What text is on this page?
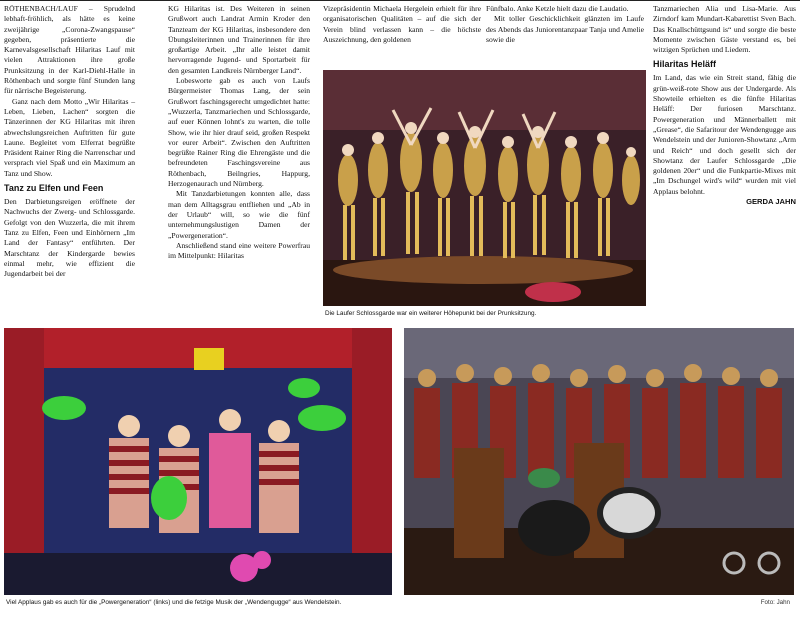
RÖTHENBACH/LAUF – Sprudelnd lebhaft-fröhlich, als hätte es keine zweijährige „Corona-Zwangspause“ gegeben, präsentierte die Karnevalsgesellschaft Hilaritas Lauf mit vielen Attraktionen ihre große Prunksitzung in der Karl-Diehl-Halle in Röthenbach und sorgte fünf Stunden lang für närrische Begeisterung.

Ganz nach dem Motto „Wir Hilaritas – Leben, Lieben, Lachen“ sorgten die Tänzerinnen der KG Hilaritas mit ihren abwechslungsreichen Auftritten für gute Laune. Begleitet vom Elferrat begrüßte Präsident Rainer Ring die Narrenschar und versprach viel Spaß und ein Maximum an Tanz und Show.

Tanz zu Elfen und Feen

Den Darbietungsreigen eröffnete der Nachwuchs der Zwerg- und Schlossgarde. Gefolgt von den Wuzzerla, die mit ihrem Tanz zu Elfen, Feen und Einhörnern „Im Land der Fantasy“ entführten. Der Marschtanz der Kindergarde bewies einmal mehr, wie effizient die Jugendarbeit bei der

KG Hilaritas ist. Des Weiteren in seinen Grußwort auch Landrat Armin Kroder den Tanzteam der KG Hilaritas, insbesondere den Übungsleiterinnen und Trainerinnen für ihre großartige Arbeit. „Ihr alle leistet damit hervorragende Jugend- und Sportarbeit für den gesamten Landkreis Nürnberger Land“.

Lobesworte gab es auch von Laufs Bürgermeister Thomas Lang, der sein Grußwort faschingsgerecht umgedichtet hatte: „Wuzzerla, Tanzmariechen und Schlossgarde, auf euer Können lohnt's zu warten, die tolle Show, wie ihr hier drauf seid, großen Respekt vor eurer Arbeit“. Zwischen den Auftritten begrüßte Rainer Ring die Ehrengäste und die befreundeten Faschingsvereine aus Röthenbach, Beilngries, Happurg, Herzogenaurach und Nürnberg.

Mit Tanzdarbietungen konnten alle, dass man dem Alltagsgrau entfliehen und „Ab in der Urlaub“ will, so wie die fünf unternehmungslustigen Damen der „Powergeneration“.

Anschließend stand eine weitere Powerfrau im Mittelpunkt: Hilaritas

Vizepräsidentin Michaela Hergelein erhielt für ihre organisatorischen Qualitäten – auf die sich der Verein blind verlassen kann – die höchste Auszeichnung, den goldenen

Fünfbalo. Anke Ketzle hielt dazu die Laudatio.

Mit toller Geschicklichkeit glänzten im Laufe des Abends das Juniorentanzpaar Tanja und Amelie sowie die

Tanzmariechen Alia und Lisa-Marie. Aus Zirndorf kam Mundart-Kabarettist Sven Bach. Das Knallschüttgsund is“ und sorgte die beste Momente zwischen Gäste verstand es, bei witzigen Sprüchen und Liedern.

Hilaritas Heläff

Im Land, das wie ein Streit stand, fähig die grün-weiß-rote Show aus der Undergarde. Als Showteile erhielten es die fünfte Hilaritas Heläff: Der furiosen Marschtanz. Powergeneration und Männerballett mit „Grease“, die Safaritour der Wendengugge aus Wendelstein und der Junioren-Showtanz „Arm und Reich“ und doch gesellt sich der Showtanz der Laufer Schlossgarde „Die goldenen 20er“ und die Funkpartie-Mixes mit „Im Dschungel wird's wild“ wurden mit viel Applaus belohnt.

GERDA JAHN
Die Laufer Schlossgarde war ein weiterer Höhepunkt bei der Prunksitzung.
Viel Applaus gab es auch für die „Powergeneration“ (links) und die fetzige Musik der „Wendengugge“ aus Wendelstein.	Foto: Jahn
